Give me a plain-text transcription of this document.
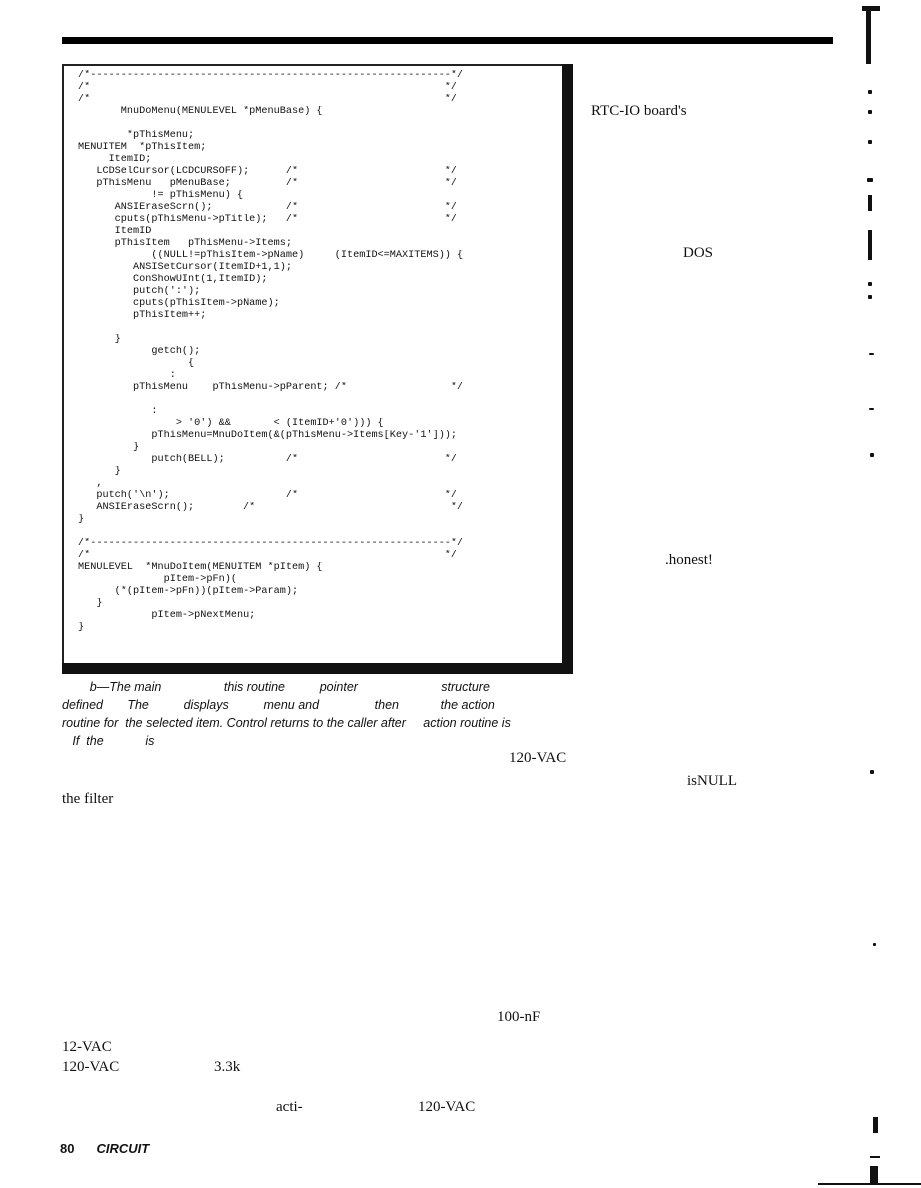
/*-----------------------------------------------------------*/
/*                                                          */
/*                                                          */
MnuDoMenu(MENULEVEL *pMenuBase) {
*pThisMenu;
MENUITEM  *pThisItem;
ItemID;
LCDSelCursor(LCDCURSOFF);      /*                        */
pThisMenu   pMenuBase;         /*                        */
!= pThisMenu) {
ANSIEraseScrn();            /*                        */
cputs(pThisMenu->pTitle);   /*                        */
ItemID
pThisItem   pThisMenu->Items;
((NULL!=pThisItem->pName)     (ItemID<=MAXITEMS)) {
ANSISetCursor(ItemID+1,1);
ConShowUInt(1,ItemID);
putch(':');
cputs(pThisItem->pName);
pThisItem++;
}
getch();
{
:
pThisMenu    pThisMenu->pParent; /*                 */
:
> '0') &&       < (ItemID+'0'))) {
pThisMenu=MnuDoItem(&(pThisMenu->Items[Key-'1']));
}
putch(BELL);          /*                        */
}
,
putch('\n');                   /*                        */
ANSIEraseScrn();        /*                                */
}
/*-----------------------------------------------------------*/
/*                                                          */
MENULEVEL  *MnuDoItem(MENUITEM *pItem) {
pItem->pFn)(
(*(pItem->pFn))(pItem->Param);
}
pItem->pNextMenu;
}
b—The main                  this routine          pointer                        structure
defined       The          displays          menu and                then            the action
routine for  the selected item. Control returns to the caller after     action routine is
If  the            is
RTC-IO board's
DOS
.honest!
120-VAC
isNULL
the filter
100-nF
12-VAC
120-VAC	3.3k
acti-	120-VAC
80 CIRCUIT
